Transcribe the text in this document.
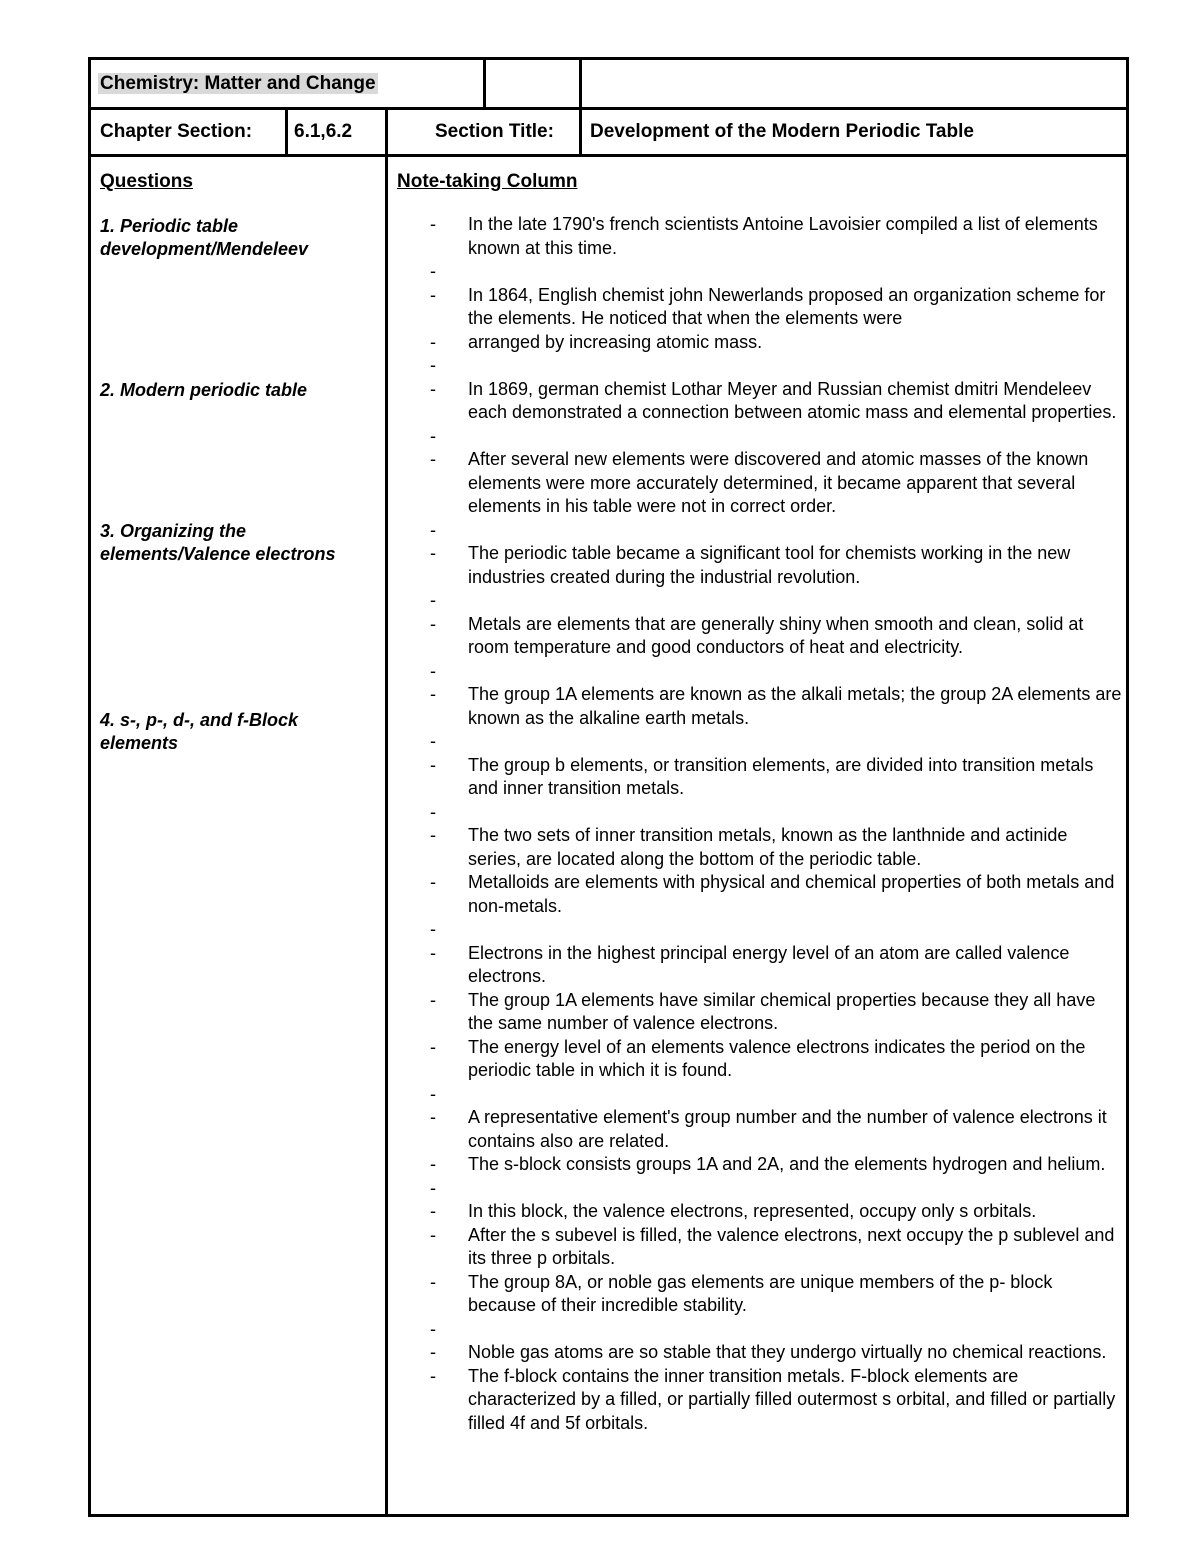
Chemistry: Matter and Change
Chapter Section: 6.1,6.2	Section Title: Development of the Modern Periodic Table
Questions	Note-taking Column
1. Periodic table development/Mendeleev
2. Modern periodic table
3. Organizing the elements/Valence electrons
4. s-, p-, d-, and f-Block elements
-	In the late 1790's french scientists Antoine Lavoisier compiled a list of elements known at this time.
-

-	In 1864, English chemist john Newerlands proposed an organization scheme for the elements. He noticed that when the elements were
-	arranged by increasing atomic mass.
-

-	In 1869, german chemist Lothar Meyer and Russian chemist dmitri Mendeleev each demonstrated a connection between atomic mass and elemental properties.
-

-	After several new elements were discovered and atomic masses of the known elements were more accurately determined, it became apparent that several elements in his table were not in correct order.
-

-	The periodic table became a significant tool for chemists working in the new industries created during the industrial revolution.
-

-	Metals are elements that are generally shiny when smooth and clean, solid at room temperature and good conductors of heat and electricity.
-

-	The group 1A elements are known as the alkali metals; the group 2A elements are known as the alkaline earth metals.
-

-	The group b elements, or transition elements, are divided into transition metals and inner transition metals.
-

-	The two sets of inner transition metals, known as the lanthnide and actinide series, are located along the bottom of the periodic table.
-	Metalloids are elements with physical and chemical properties of both metals and non-metals.
-

-	Electrons in the highest principal energy level of an atom are called valence electrons.
-	The group 1A elements have similar chemical properties because they all have the same number of valence electrons.
-	The energy level of an elements valence electrons indicates the period on the periodic table in which it is found.
-

-	A representative element's group number and the number of valence electrons it contains also are related.
-	The s-block consists groups 1A and 2A, and the elements hydrogen and helium.
-

-	In this block, the valence electrons, represented, occupy only s orbitals.
-	After the s subevel is filled, the valence electrons, next occupy the p sublevel and its three p orbitals.
-	The group 8A, or noble gas elements are unique members of the p- block because of their incredible stability.
-

-	Noble gas atoms are so stable that they undergo virtually no chemical reactions.
-	The f-block contains the inner transition metals. F-block elements are characterized by a filled, or partially filled outermost s orbital, and filled or partially filled 4f and 5f orbitals.
